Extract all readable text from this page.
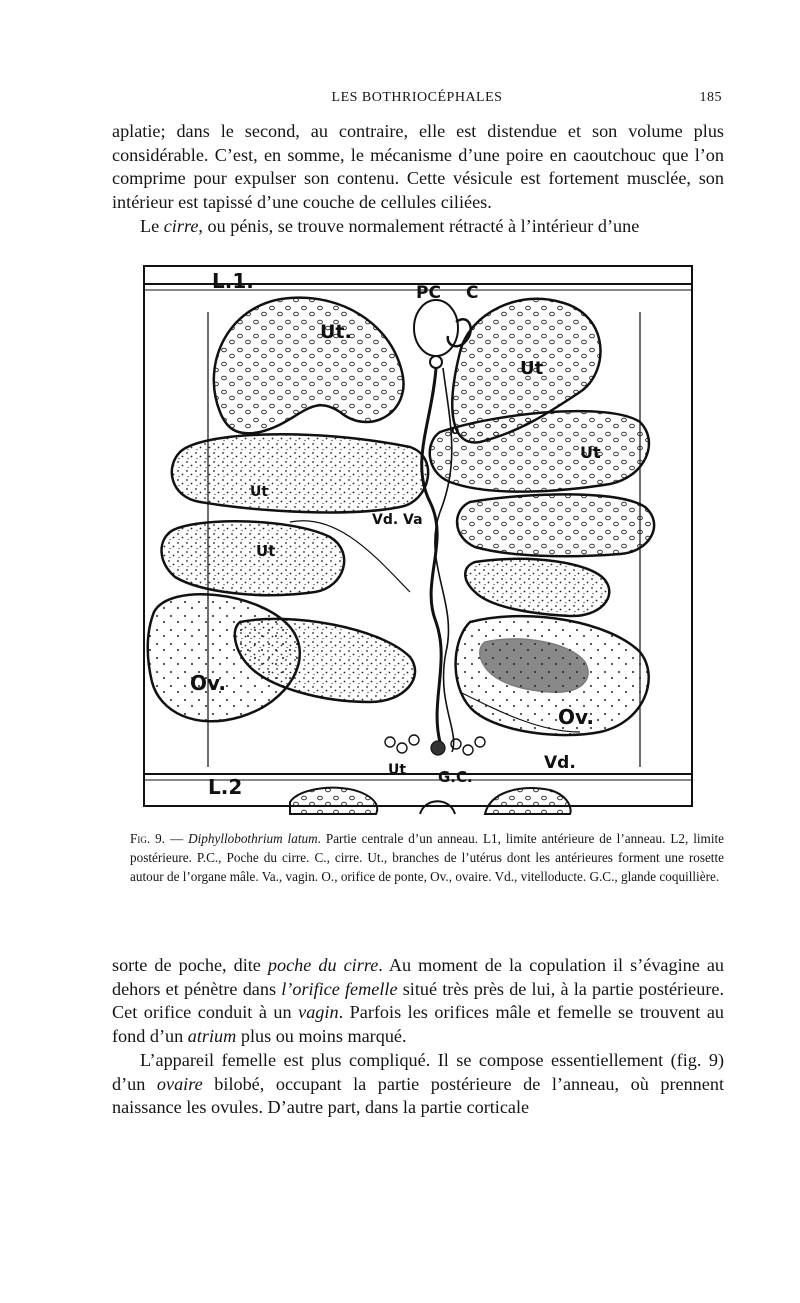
LES BOTHRIOCÉPHALES	185

aplatie; dans le second, au contraire, elle est distendue et son volume plus considérable. C’est, en somme, le mécanisme d’une poire en caoutchouc que l’on comprime pour expulser son contenu. Cette vésicule est fortement musclée, son intérieur est tapissé d’une couche de cellules ciliées.

Le cirre, ou pénis, se trouve normalement rétracté à l’intérieur d’une

L.1.
L.2
PC C
Ut.
Ut
Ut
Ut
Ut
Vd. Va
Ov.
Ov.
Vd.
Ut G.C.
o

Fig. 9. — Diphyllobothrium latum. Partie centrale d’un anneau. L1, limite antérieure de l’anneau. L2, limite postérieure. P.C., Poche du cirre. C., cirre. Ut., branches de l’utérus dont les antérieures forment une rosette autour de l’organe mâle. Va., vagin. O., orifice de ponte, Ov., ovaire. Vd., vitelloducte. G.C., glande coquillière.

sorte de poche, dite poche du cirre. Au moment de la copulation il s’évagine au dehors et pénètre dans l’orifice femelle situé très près de lui, à la partie postérieure. Cet orifice conduit à un vagin. Parfois les orifices mâle et femelle se trouvent au fond d’un atrium plus ou moins marqué.

L’appareil femelle est plus compliqué. Il se compose essentiellement (fig. 9) d’un ovaire bilobé, occupant la partie postérieure de l’anneau, où prennent naissance les ovules. D’autre part, dans la partie corticale
